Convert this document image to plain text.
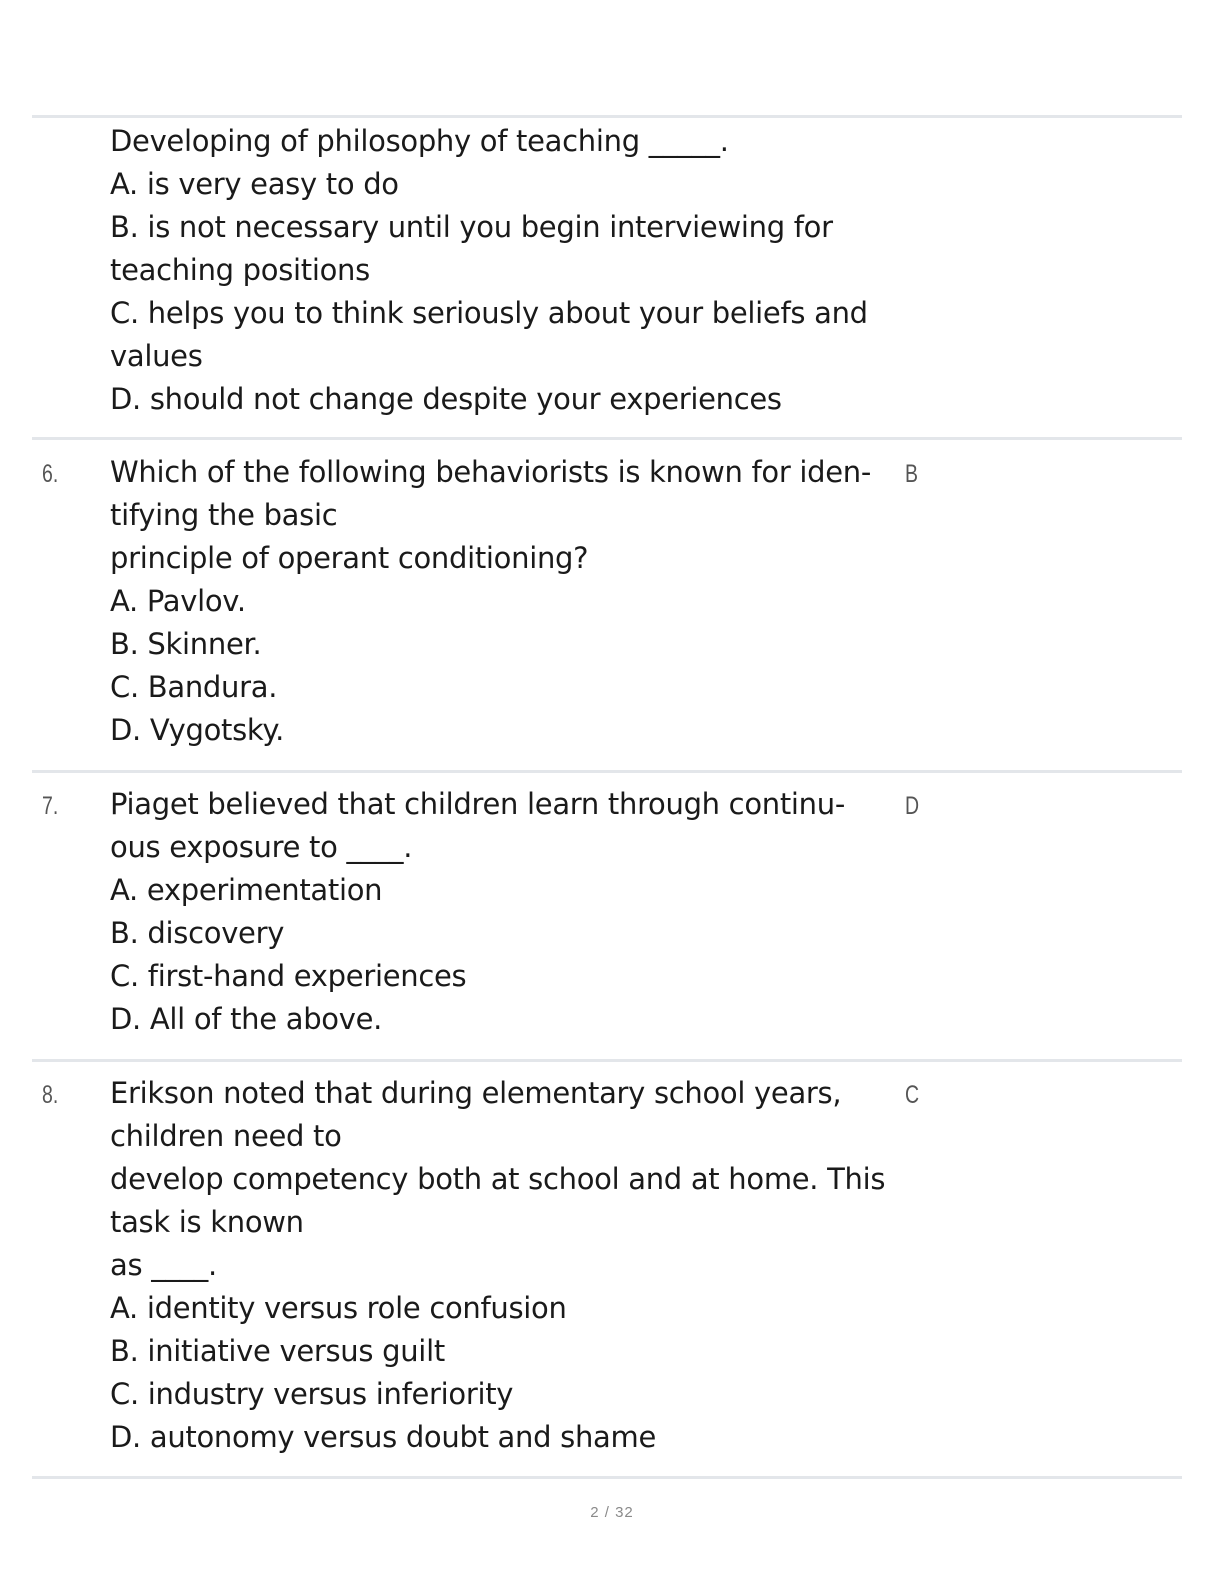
Developing of philosophy of teaching _____.
A. is very easy to do
B. is not necessary until you begin interviewing for
teaching positions
C. helps you to think seriously about your beliefs and
values
D. should not change despite your experiences
6. Which of the following behaviorists is known for iden-
tifying the basic
principle of operant conditioning?
A. Pavlov.
B. Skinner.
C. Bandura.
D. Vygotsky.
B
7. Piaget believed that children learn through continu-
ous exposure to ____.
A. experimentation
B. discovery
C. first-hand experiences
D. All of the above.
D
8. Erikson noted that during elementary school years,
children need to
develop competency both at school and at home. This
task is known
as ____.
A. identity versus role confusion
B. initiative versus guilt
C. industry versus inferiority
D. autonomy versus doubt and shame
C
2 / 32
